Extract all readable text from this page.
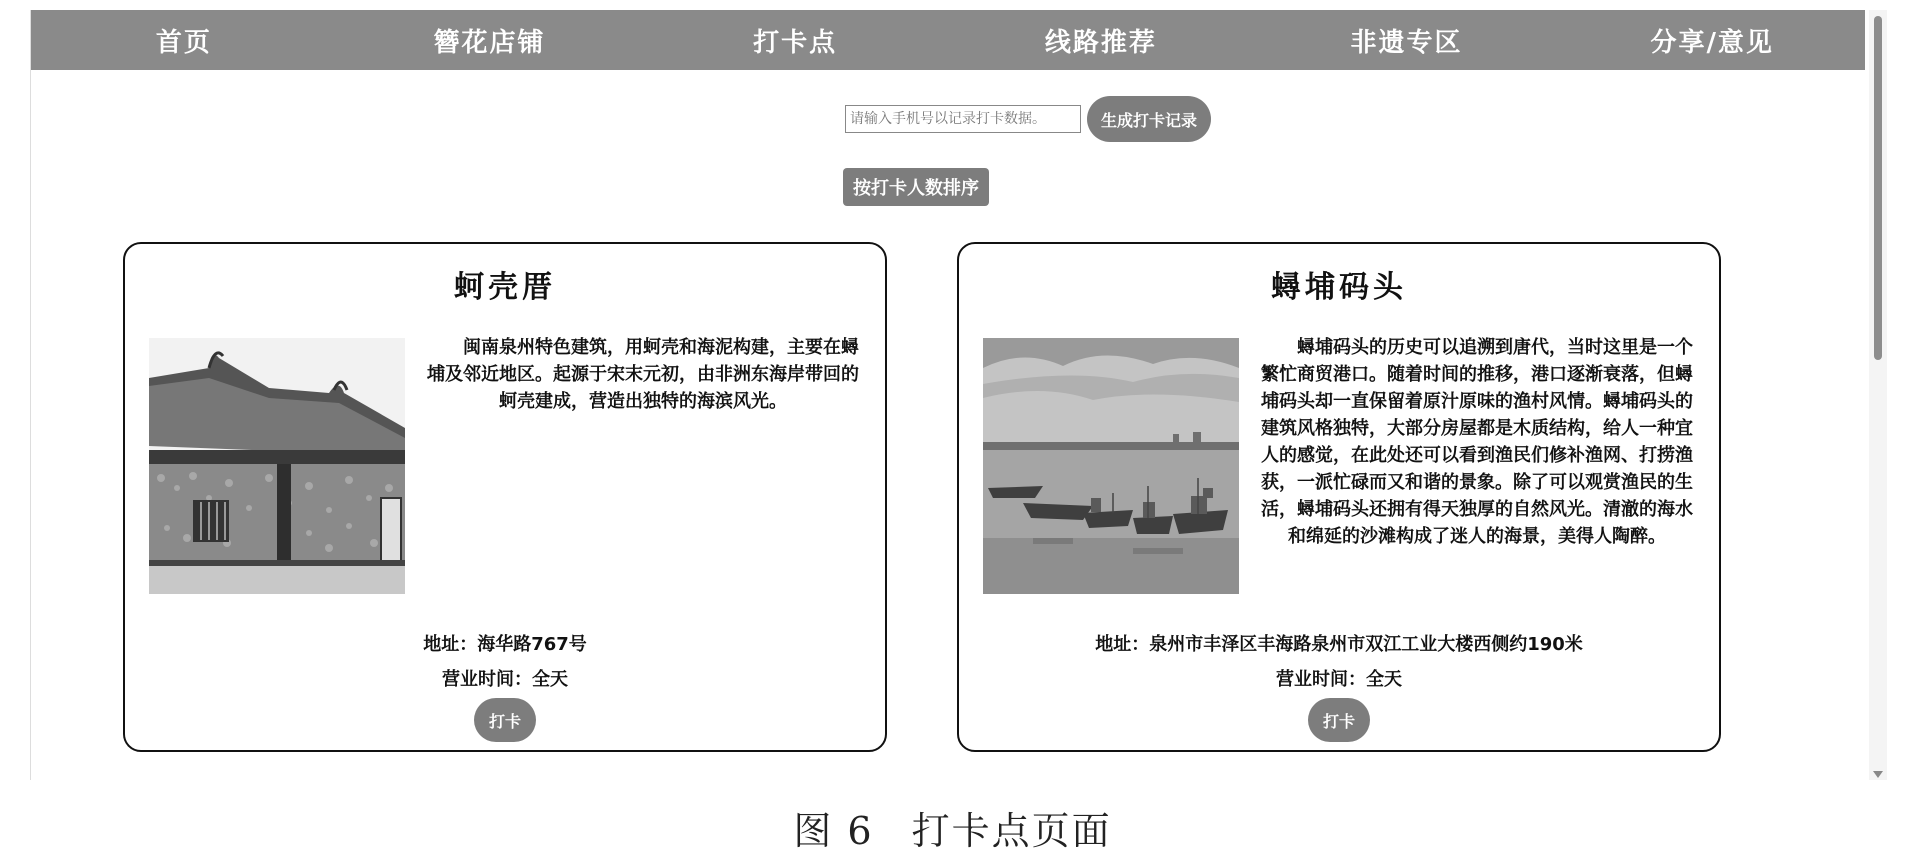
首页	簪花店铺	打卡点	线路推荐	非遗专区	分享/意见
请输入手机号以记录打卡数据。
生成打卡记录
按打卡人数排序
蚵壳厝
闽南泉州特色建筑，用蚵壳和海泥构建，主要在蟳埔及邻近地区。起源于宋末元初，由非洲东海岸带回的蚵壳建成，营造出独特的海滨风光。
地址：海华路767号
营业时间：全天
打卡
蟳埔码头
蟳埔码头的历史可以追溯到唐代，当时这里是一个繁忙商贸港口。随着时间的推移，港口逐渐衰落，但蟳埔码头却一直保留着原汁原味的渔村风情。蟳埔码头的建筑风格独特，大部分房屋都是木质结构，给人一种宜人的感觉，在此处还可以看到渔民们修补渔网、打捞渔获，一派忙碌而又和谐的景象。除了可以观赏渔民的生活，蟳埔码头还拥有得天独厚的自然风光。清澈的海水和绵延的沙滩构成了迷人的海景，美得人陶醉。
地址：泉州市丰泽区丰海路泉州市双江工业大楼西侧约190米
营业时间：全天
打卡
图 6 打卡点页面
